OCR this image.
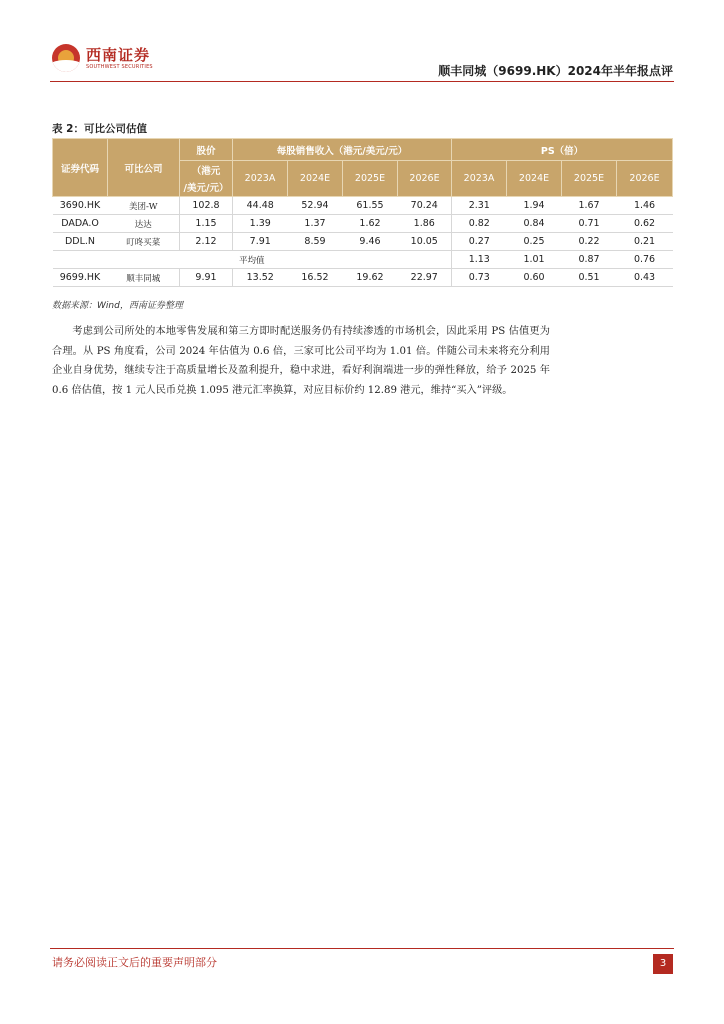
西南证券
SOUTHWEST SECURITIES	顺丰同城（9699.HK）2024年半年报点评
表 2：可比公司估值
证券代码	可比公司	股价	每股销售收入（港元/美元/元）				PS（倍）			
		（港元	2023A	2024E	2025E	2026E	2023A	2024E	2025E	2026E
		/美元/元）								
3690.HK	美团-W	102.8	44.48	52.94	61.55	70.24	2.31	1.94	1.67	1.46
DADA.O	达达	1.15	1.39	1.37	1.62	1.86	0.82	0.84	0.71	0.62
DDL.N	叮咚买菜	2.12	7.91	8.59	9.46	10.05	0.27	0.25	0.22	0.21
平均值							1.13	1.01	0.87	0.76
9699.HK	顺丰同城	9.91	13.52	16.52	19.62	22.97	0.73	0.60	0.51	0.43
数据来源：Wind，西南证券整理

考虑到公司所处的本地零售发展和第三方即时配送服务仍有持续渗透的市场机会，因此采用 PS 估值更为合理。从 PS 角度看，公司 2024 年估值为 0.6 倍，三家可比公司平均为 1.01 倍。伴随公司未来将充分利用企业自身优势，继续专注于高质量增长及盈利提升，稳中求进，看好利润端进一步的弹性释放，给予 2025 年 0.6 倍估值，按 1 元人民币兑换 1.095 港元汇率换算，对应目标价约 12.89 港元，维持“买入”评级。

请务必阅读正文后的重要声明部分	3
